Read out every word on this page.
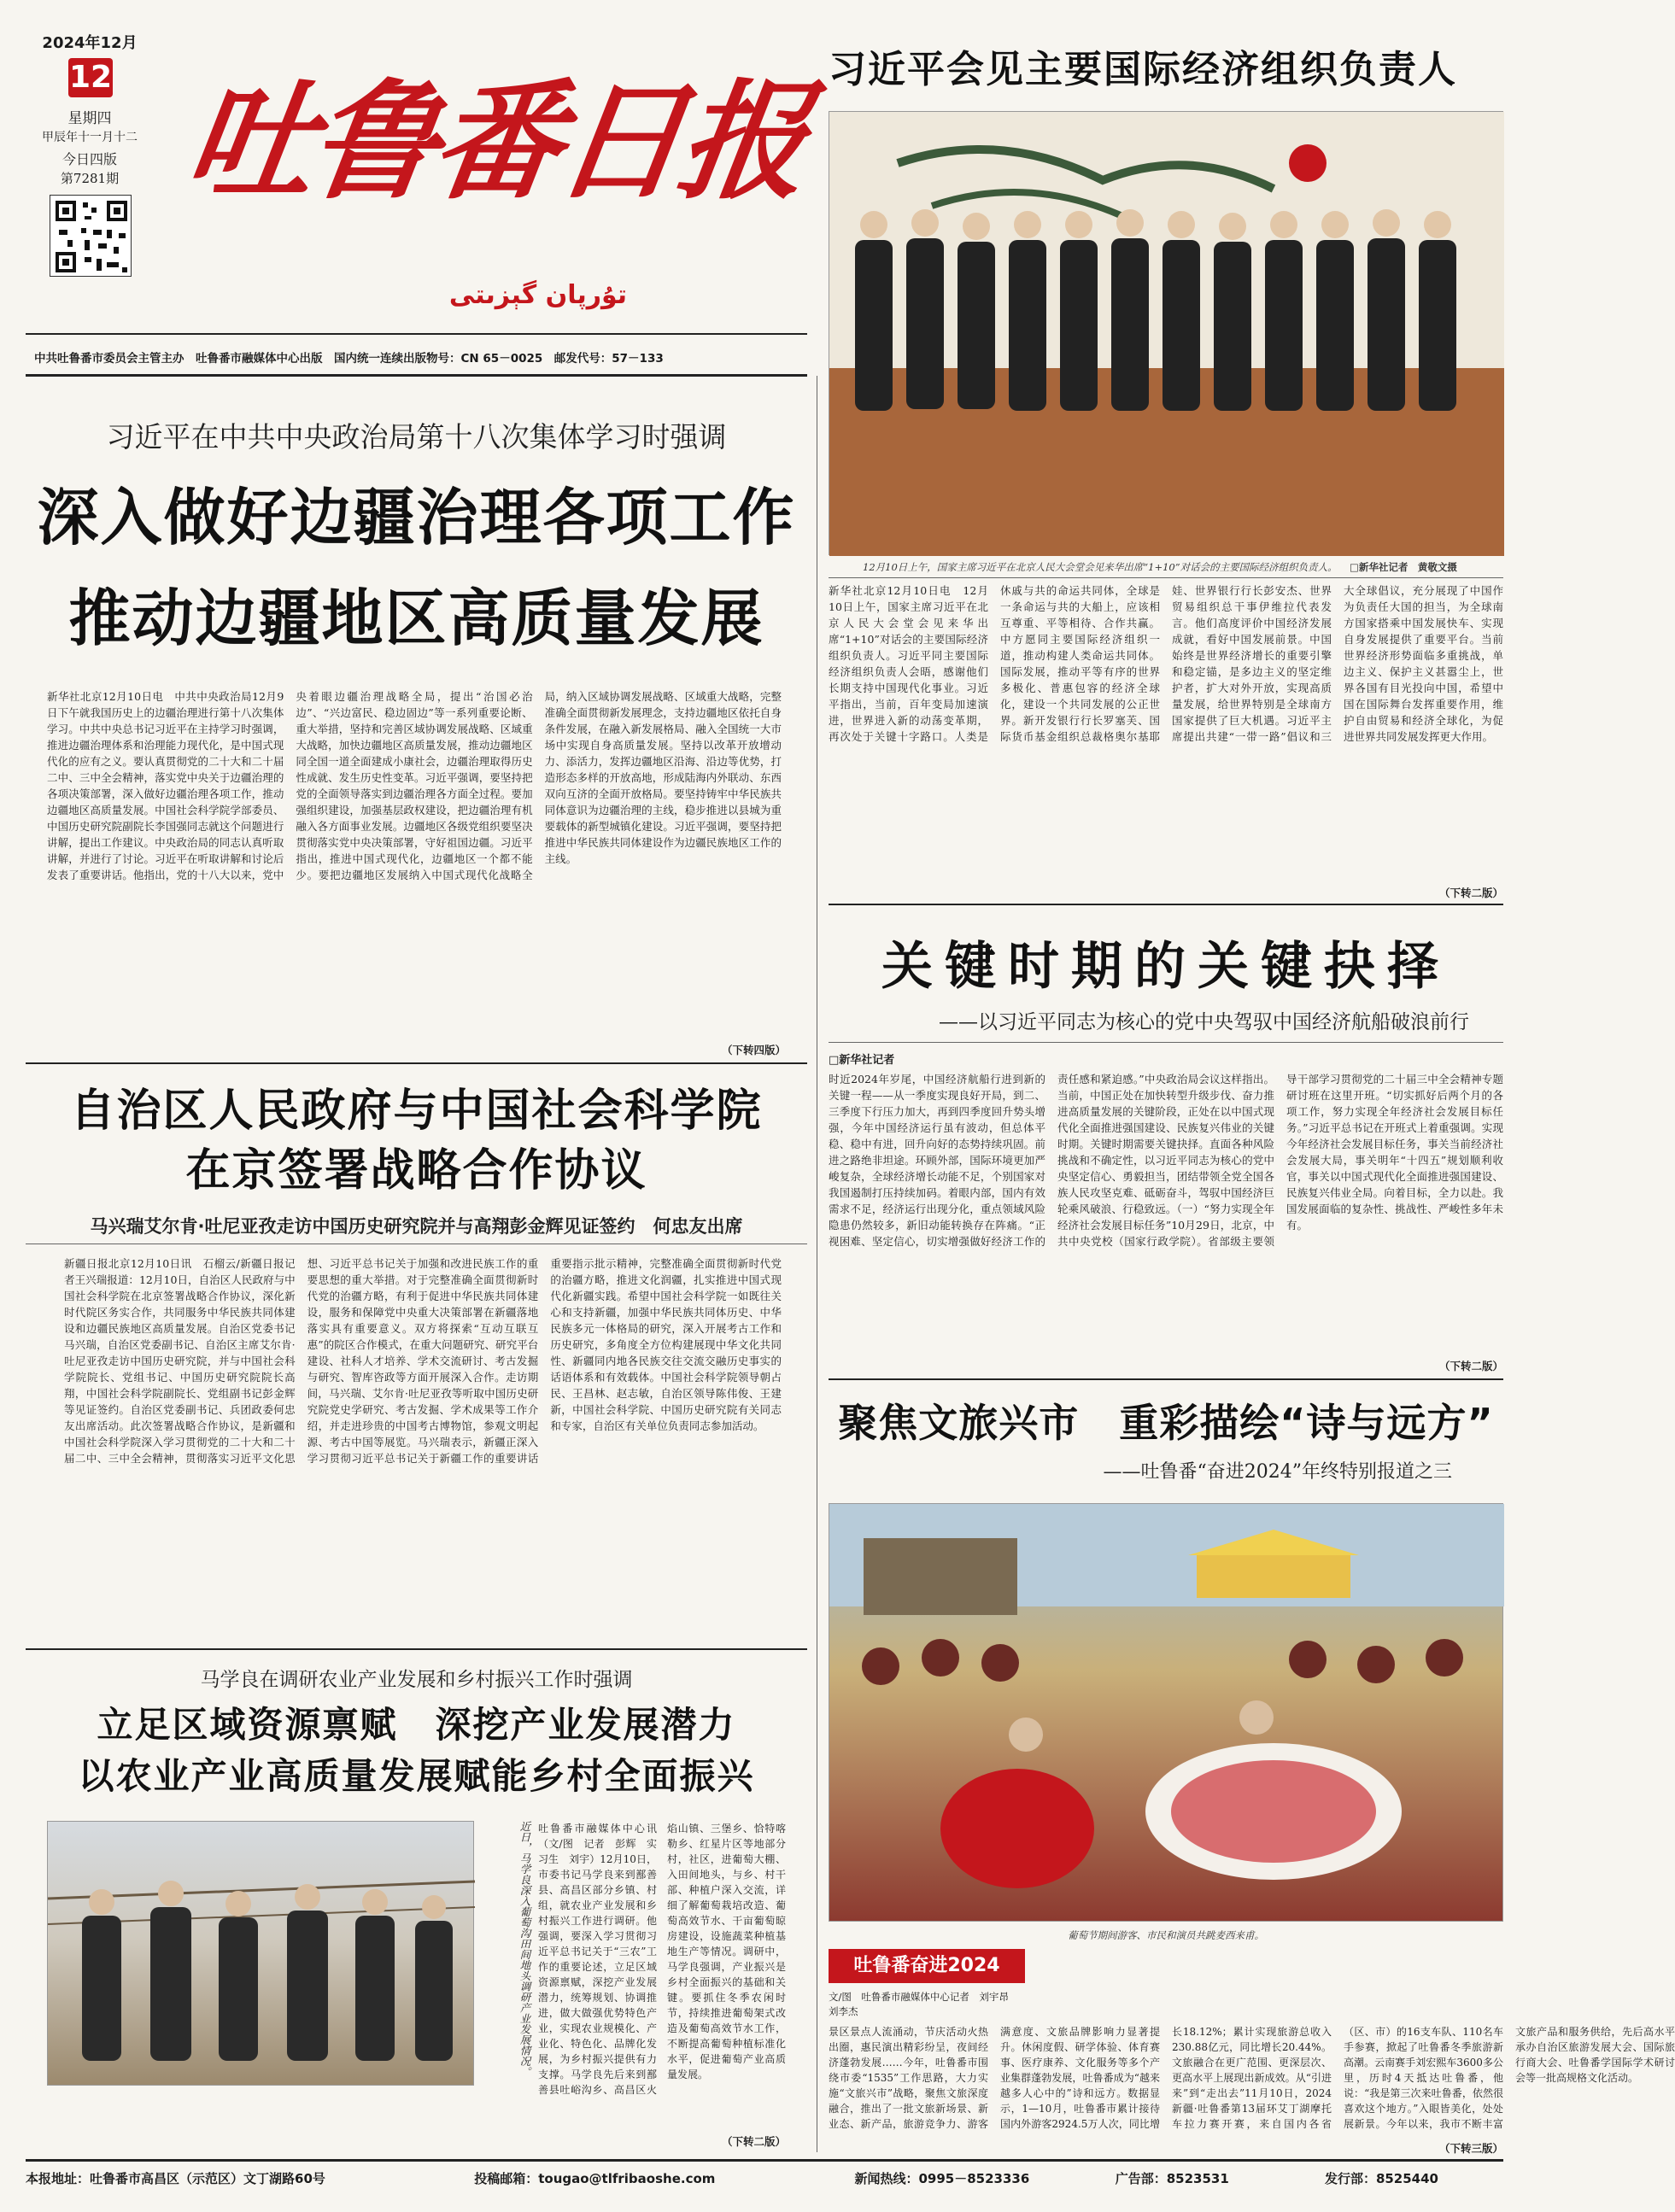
2024年12月
12
星期四
甲辰年十一月十二
今日四版
第7281期 吐鲁番日报
تۇرپان گېزىتى
中共吐鲁番市委员会主管主办　吐鲁番市融媒体中心出版　国内统一连续出版物号：CN 65－0025　邮发代号：57－133
习近平会见主要国际经济组织负责人
12月10日上午，国家主席习近平在北京人民大会堂会见来华出席“1+10”对话会的主要国际经济组织负责人。	□新华社记者　黄敬文摄
新华社北京12月10日电　12月10日上午，国家主席习近平在北京人民大会堂会见来华出席“1+10”对话会的主要国际经济组织负责人。习近平同主要国际经济组织负责人会晤，感谢他们长期支持中国现代化事业。习近平指出，当前，百年变局加速演进，世界进入新的动荡变革期，再次处于关键十字路口。人类是休戚与共的命运共同体，全球是一条命运与共的大船上，应该相互尊重、平等相待、合作共赢。中方愿同主要国际经济组织一道，推动构建人类命运共同体。国际发展，推动平等有序的世界多极化、普惠包容的经济全球化，建设一个共同发展的公正世界。新开发银行行长罗塞芙、国际货币基金组织总裁格奥尔基耶娃、世界银行行长彭安杰、世界贸易组织总干事伊维拉代表发言。他们高度评价中国经济发展成就，看好中国发展前景。中国始终是世界经济增长的重要引擎和稳定锚，是多边主义的坚定维护者，扩大对外开放，实现高质量发展，给世界特别是全球南方国家提供了巨大机遇。习近平主席提出共建“一带一路”倡议和三大全球倡议，充分展现了中国作为负责任大国的担当，为全球南方国家搭乘中国发展快车、实现自身发展提供了重要平台。当前世界经济形势面临多重挑战，单边主义、保护主义甚嚣尘上，世界各国有目光投向中国，希望中国在国际舞台发挥重要作用，维护自由贸易和经济全球化，为促进世界共同发展发挥更大作用。
（下转二版）
习近平在中共中央政治局第十八次集体学习时强调
深入做好边疆治理各项工作
推动边疆地区高质量发展
新华社北京12月10日电　中共中央政治局12月9日下午就我国历史上的边疆治理进行第十八次集体学习。中共中央总书记习近平在主持学习时强调，推进边疆治理体系和治理能力现代化，是中国式现代化的应有之义。要认真贯彻党的二十大和二十届二中、三中全会精神，落实党中央关于边疆治理的各项决策部署，深入做好边疆治理各项工作，推动边疆地区高质量发展。中国社会科学院学部委员、中国历史研究院副院长李国强同志就这个问题进行讲解，提出工作建议。中央政治局的同志认真听取讲解，并进行了讨论。习近平在听取讲解和讨论后发表了重要讲话。他指出，党的十八大以来，党中央着眼边疆治理战略全局，提出“治国必治边”、“兴边富民、稳边固边”等一系列重要论断、重大举措，坚持和完善区域协调发展战略、区域重大战略，加快边疆地区高质量发展，推动边疆地区同全国一道全面建成小康社会，边疆治理取得历史性成就、发生历史性变革。习近平强调，要坚持把党的全面领导落实到边疆治理各方面全过程。要加强组织建设，加强基层政权建设，把边疆治理有机融入各方面事业发展。边疆地区各级党组织要坚决贯彻落实党中央决策部署，守好祖国边疆。习近平指出，推进中国式现代化，边疆地区一个都不能少。要把边疆地区发展纳入中国式现代化战略全局，纳入区域协调发展战略、区域重大战略，完整准确全面贯彻新发展理念，支持边疆地区依托自身条件发展，在融入新发展格局、融入全国统一大市场中实现自身高质量发展。坚持以改革开放增动力、添活力，发挥边疆地区沿海、沿边等优势，打造形态多样的开放高地，形成陆海内外联动、东西双向互济的全面开放格局。要坚持铸牢中华民族共同体意识为边疆治理的主线，稳步推进以县城为重要载体的新型城镇化建设。习近平强调，要坚持把推进中华民族共同体建设作为边疆民族地区工作的主线。
（下转四版）
自治区人民政府与中国社会科学院
在京签署战略合作协议
马兴瑞艾尔肯·吐尼亚孜走访中国历史研究院并与高翔彭金辉见证签约　何忠友出席
新疆日报北京12月10日讯　石榴云/新疆日报记者王兴瑞报道：12月10日，自治区人民政府与中国社会科学院在北京签署战略合作协议，深化新时代院区务实合作，共同服务中华民族共同体建设和边疆民族地区高质量发展。自治区党委书记马兴瑞，自治区党委副书记、自治区主席艾尔肯·吐尼亚孜走访中国历史研究院，并与中国社会科学院院长、党组书记、中国历史研究院院长高翔，中国社会科学院副院长、党组副书记彭金辉等见证签约。自治区党委副书记、兵团政委何忠友出席活动。此次签署战略合作协议，是新疆和中国社会科学院深入学习贯彻党的二十大和二十届二中、三中全会精神，贯彻落实习近平文化思想、习近平总书记关于加强和改进民族工作的重要思想的重大举措。对于完整准确全面贯彻新时代党的治疆方略，有利于促进中华民族共同体建设，服务和保障党中央重大决策部署在新疆落地落实具有重要意义。双方将探索“互动互联互惠”的院区合作模式，在重大问题研究、研究平台建设、社科人才培养、学术交流研讨、考古发掘与研究、智库咨政等方面开展深入合作。走访期间，马兴瑞、艾尔肯·吐尼亚孜等听取中国历史研究院党史学研究、考古发掘、学术成果等工作介绍，并走进珍贵的中国考古博物馆，参观文明起源、考古中国等展览。马兴瑞表示，新疆正深入学习贯彻习近平总书记关于新疆工作的重要讲话重要指示批示精神，完整准确全面贯彻新时代党的治疆方略，推进文化润疆，扎实推进中国式现代化新疆实践。希望中国社会科学院一如既往关心和支持新疆，加强中华民族共同体历史、中华民族多元一体格局的研究，深入开展考古工作和历史研究，多角度全方位构建展现中华文化共同性、新疆同内地各民族交往交流交融历史事实的话语体系和有效载体。中国社会科学院领导朝占民、王昌林、赵志敏，自治区领导陈伟俊、王建新，中国社会科学院、中国历史研究院有关同志和专家，自治区有关单位负责同志参加活动。
马学良在调研农业产业发展和乡村振兴工作时强调
立足区域资源禀赋　深挖产业发展潜力
以农业产业高质量发展赋能乡村全面振兴
近日，马学良深入葡萄沟田间地头调研产业发展情况。 吐鲁番市融媒体中心讯（文/图　记者　彭辉　实习生　刘宇）12月10日，市委书记马学良来到鄯善县、高昌区部分乡镇、村组，就农业产业发展和乡村振兴工作进行调研。他强调，要深入学习贯彻习近平总书记关于“三农”工作的重要论述，立足区域资源禀赋，深挖产业发展潜力，统筹规划、协调推进，做大做强优势特色产业，实现农业规模化、产业化、特色化、品牌化发展，为乡村振兴提供有力支撑。马学良先后来到鄯善县吐峪沟乡、高昌区火焰山镇、三堡乡、恰特喀勒乡、红星片区等地部分村，社区，进葡萄大棚、入田间地头，与乡、村干部、种植户深入交流，详细了解葡萄栽培改造、葡萄高效节水、干亩葡萄晾房建设，设施蔬菜种植基地生产等情况。调研中，马学良强调，产业振兴是乡村全面振兴的基础和关键。要抓住冬季农闲时节，持续推进葡萄架式改造及葡萄高效节水工作，不断提高葡萄种植标准化水平，促进葡萄产业高质量发展。
（下转二版）
关键时期的关键抉择
——以习近平同志为核心的党中央驾驭中国经济航船破浪前行
□新华社记者
时近2024年岁尾，中国经济航船行进到新的关键一程——从一季度实现良好开局，到二、三季度下行压力加大，再到四季度回升势头增强，今年中国经济运行虽有波动，但总体平稳、稳中有进，回升向好的态势持续巩固。前进之路绝非坦途。环顾外部，国际环境更加严峻复杂，全球经济增长动能不足，个别国家对我国遏制打压持续加码。着眼内部，国内有效需求不足，经济运行出现分化，重点领域风险隐患仍然较多，新旧动能转换存在阵痛。“正视困难、坚定信心，切实增强做好经济工作的责任感和紧迫感。”中央政治局会议这样指出。当前，中国正处在加快转型升级步伐、奋力推进高质量发展的关键阶段，正处在以中国式现代化全面推进强国建设、民族复兴伟业的关键时期。关键时期需要关键抉择。直面各种风险挑战和不确定性，以习近平同志为核心的党中央坚定信心、勇毅担当，团结带领全党全国各族人民攻坚克难、砥砺奋斗，驾驭中国经济巨轮乘风破浪、行稳致远。（一）“努力实现全年经济社会发展目标任务”10月29日，北京，中共中央党校（国家行政学院）。省部级主要领导干部学习贯彻党的二十届三中全会精神专题研讨班在这里开班。“切实抓好后两个月的各项工作，努力实现全年经济社会发展目标任务。”习近平总书记在开班式上着重强调。实现今年经济社会发展目标任务，事关当前经济社会发展大局，事关明年“十四五”规划顺利收官，事关以中国式现代化全面推进强国建设、民族复兴伟业全局。向着目标，全力以赴。我国发展面临的复杂性、挑战性、严峻性多年未有。
（下转二版）
聚焦文旅兴市　重彩描绘“诗与远方”
——吐鲁番“奋进2024”年终特别报道之三
葡萄节期间游客、市民和演员共跳麦西来甫。
吐鲁番奋进2024
文/图　吐鲁番市融媒体中心记者　刘宇昂　刘李杰
景区景点人流涌动，节庆活动火热出圈，惠民演出精彩纷呈，夜间经济蓬勃发展……今年，吐鲁番市围绕市委“1535”工作思路，大力实施“文旅兴市”战略，聚焦文旅深度融合，推出了一批文旅新场景、新业态、新产品，旅游竞争力、游客满意度、文旅品牌影响力显著提升。休闲度假、研学体验、体育赛事、医疗康养、文化服务等多个产业集群蓬勃发展，吐鲁番成为“越来越多人心中的”诗和远方。数据显示，1—10月，吐鲁番市累计接待国内外游客2924.5万人次，同比增长18.12%；累计实现旅游总收入230.88亿元，同比增长20.44%。文旅融合在更广范围、更深层次、更高水平上展现出新成效。从“引进来”到“走出去”11月10日，2024新疆·吐鲁番第13届环艾丁湖摩托车拉力赛开赛，来自国内各省（区、市）的16支车队、110名车手参赛，掀起了吐鲁番冬季旅游新高潮。云南赛手刘宏熙车3600多公里，历时4天抵达吐鲁番，他说：“我是第三次来吐鲁番，依然很喜欢这个地方。”入眼皆美化，处处展新景。今年以来，我市不断丰富文旅产品和服务供给，先后高水平承办自治区旅游发展大会、国际旅行商大会、吐鲁番学国际学术研讨会等一批高规格文化活动。
（下转三版）
本报地址：吐鲁番市高昌区（示范区）文丁湖路60号	投稿邮箱：tougao@tlfribaoshe.com	新闻热线：0995－8523336	广告部：8523531	发行部：8525440
